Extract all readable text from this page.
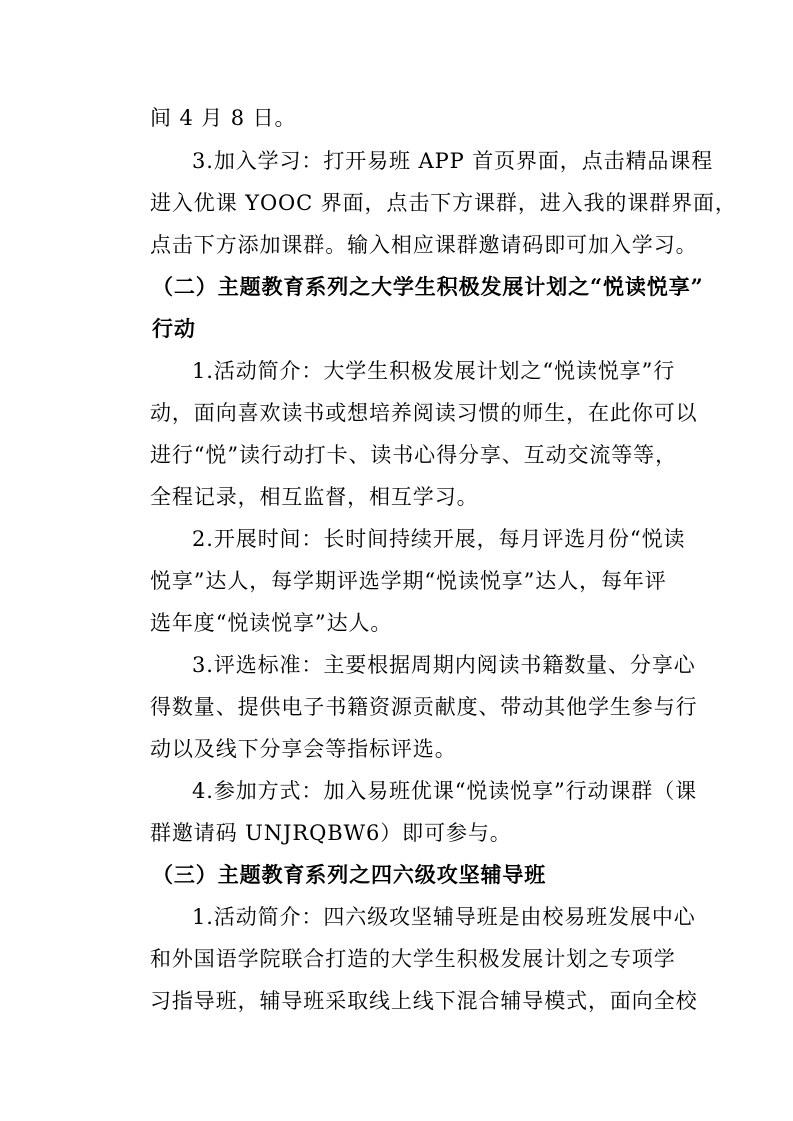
间 4 月 8 日。
3.加入学习：打开易班 APP 首页界面，点击精品课程
进入优课 YOOC 界面，点击下方课群，进入我的课群界面，
点击下方添加课群。输入相应课群邀请码即可加入学习。
（二）主题教育系列之大学生积极发展计划之“悦读悦享”
行动
1.活动简介：大学生积极发展计划之“悦读悦享”行
动，面向喜欢读书或想培养阅读习惯的师生，在此你可以
进行“悦”读行动打卡、读书心得分享、互动交流等等，
全程记录，相互监督，相互学习。
2.开展时间：长时间持续开展，每月评选月份“悦读
悦享”达人，每学期评选学期“悦读悦享”达人，每年评
选年度“悦读悦享”达人。
3.评选标准：主要根据周期内阅读书籍数量、分享心
得数量、提供电子书籍资源贡献度、带动其他学生参与行
动以及线下分享会等指标评选。
4.参加方式：加入易班优课“悦读悦享”行动课群（课
群邀请码 UNJRQBW6）即可参与。
（三）主题教育系列之四六级攻坚辅导班
1.活动简介：四六级攻坚辅导班是由校易班发展中心
和外国语学院联合打造的大学生积极发展计划之专项学
习指导班，辅导班采取线上线下混合辅导模式，面向全校
